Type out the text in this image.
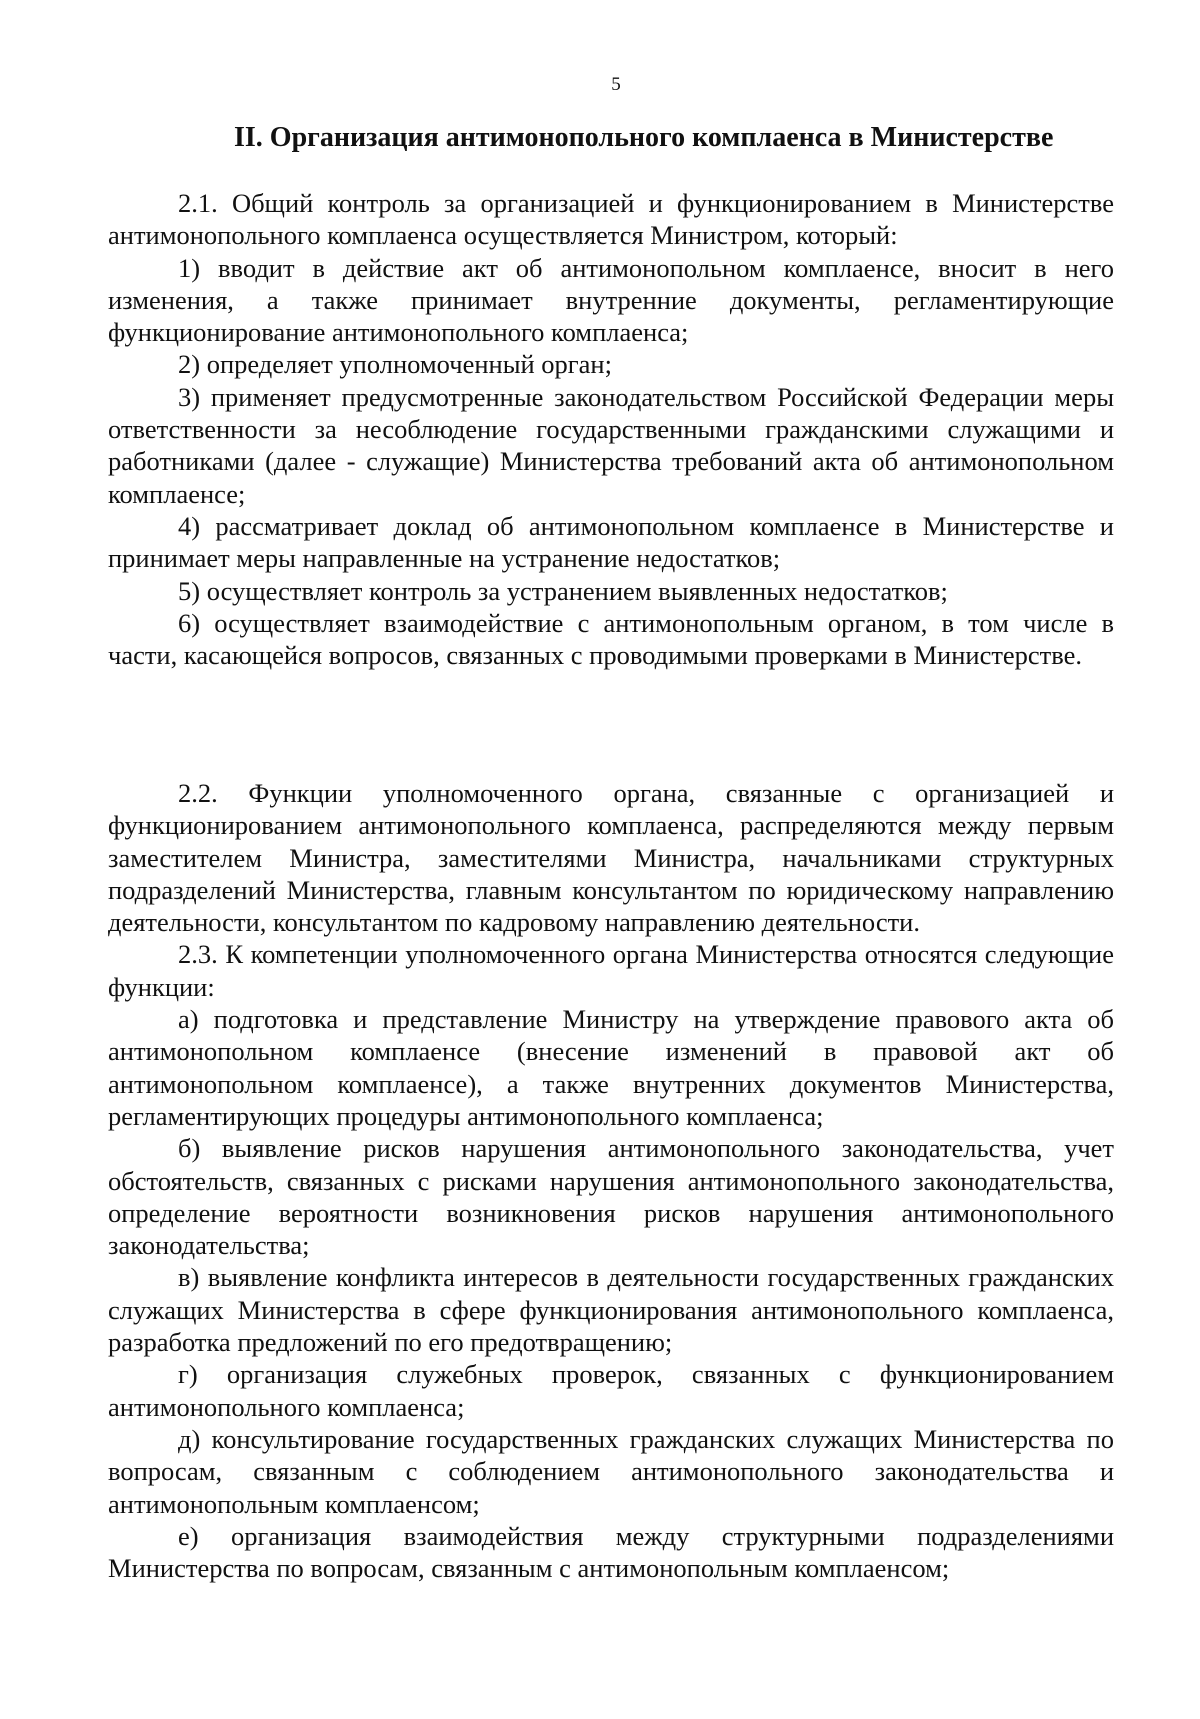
5
II. Организация антимонопольного комплаенса в Министерстве

2.1. Общий контроль за организацией и функционированием в Министерстве антимонопольного комплаенса осуществляется Министром, который:

1) вводит в действие акт об антимонопольном комплаенсе, вносит в него изменения, а также принимает внутренние документы, регламентирующие функционирование антимонопольного комплаенса;

2) определяет уполномоченный орган;

3) применяет предусмотренные законодательством Российской Федерации меры ответственности за несоблюдение государственными гражданскими служащими и работниками (далее - служащие) Министерства требований акта об антимонопольном комплаенсе;

4) рассматривает доклад об антимонопольном комплаенсе в Министерстве и принимает меры направленные на устранение недостатков;

5) осуществляет контроль за устранением выявленных недостатков;

6) осуществляет взаимодействие с антимонопольным органом, в том числе в части, касающейся вопросов, связанных с проводимыми проверками в Министерстве.

2.2. Функции уполномоченного органа, связанные с организацией и функционированием антимонопольного комплаенса, распределяются между первым заместителем Министра, заместителями Министра, начальниками структурных подразделений Министерства, главным консультантом по юридическому направлению деятельности, консультантом по кадровому направлению деятельности.

2.3. К компетенции уполномоченного органа Министерства относятся следующие функции:

а) подготовка и представление Министру на утверждение правового акта об антимонопольном комплаенсе (внесение изменений в правовой акт об антимонопольном комплаенсе), а также внутренних документов Министерства, регламентирующих процедуры антимонопольного комплаенса;

б) выявление рисков нарушения антимонопольного законодательства, учет обстоятельств, связанных с рисками нарушения антимонопольного законодательства, определение вероятности возникновения рисков нарушения антимонопольного законодательства;

в) выявление конфликта интересов в деятельности государственных гражданских служащих Министерства в сфере функционирования антимонопольного комплаенса, разработка предложений по его предотвращению;

г) организация служебных проверок, связанных с функционированием антимонопольного комплаенса;

д) консультирование государственных гражданских служащих Министерства по вопросам, связанным с соблюдением антимонопольного законодательства и антимонопольным комплаенсом;

е) организация взаимодействия между структурными подразделениями Министерства по вопросам, связанным с антимонопольным комплаенсом;
